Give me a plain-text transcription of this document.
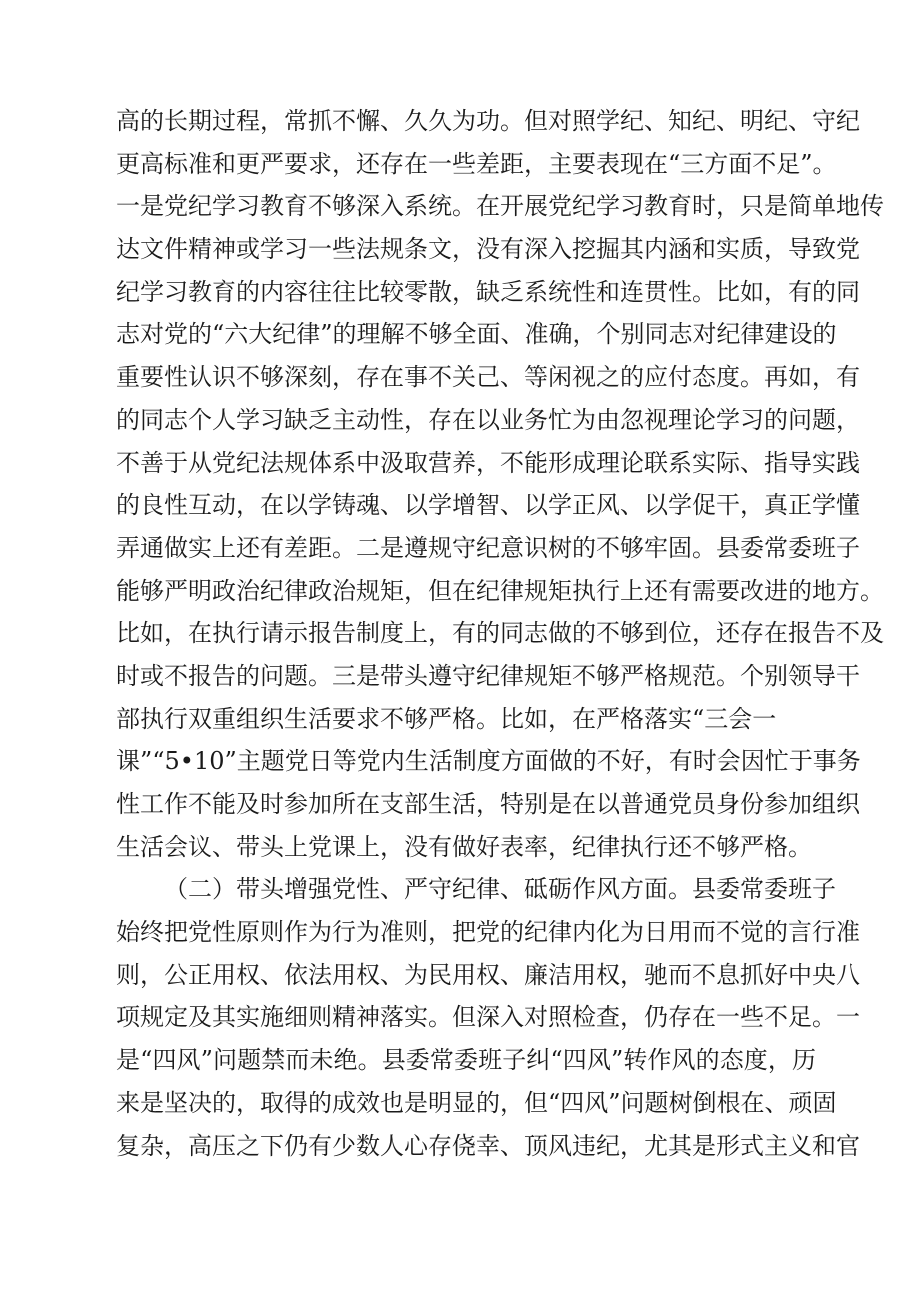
高的长期过程，常抓不懈、久久为功。但对照学纪、知纪、明纪、守纪
更高标准和更严要求，还存在一些差距，主要表现在“三方面不足”。
一是党纪学习教育不够深入系统。在开展党纪学习教育时，只是简单地传
达文件精神或学习一些法规条文，没有深入挖掘其内涵和实质，导致党
纪学习教育的内容往往比较零散，缺乏系统性和连贯性。比如，有的同
志对党的“六大纪律”的理解不够全面、准确，个别同志对纪律建设的
重要性认识不够深刻，存在事不关己、等闲视之的应付态度。再如，有
的同志个人学习缺乏主动性，存在以业务忙为由忽视理论学习的问题，
不善于从党纪法规体系中汲取营养，不能形成理论联系实际、指导实践
的良性互动，在以学铸魂、以学增智、以学正风、以学促干，真正学懂
弄通做实上还有差距。二是遵规守纪意识树的不够牢固。县委常委班子
能够严明政治纪律政治规矩，但在纪律规矩执行上还有需要改进的地方。
比如，在执行请示报告制度上，有的同志做的不够到位，还存在报告不及
时或不报告的问题。三是带头遵守纪律规矩不够严格规范。个别领导干
部执行双重组织生活要求不够严格。比如，在严格落实“三会一
课”“5•10”主题党日等党内生活制度方面做的不好，有时会因忙于事务
性工作不能及时参加所在支部生活，特别是在以普通党员身份参加组织
生活会议、带头上党课上，没有做好表率，纪律执行还不够严格。
（二）带头增强党性、严守纪律、砥砺作风方面。县委常委班子
始终把党性原则作为行为准则，把党的纪律内化为日用而不觉的言行准
则，公正用权、依法用权、为民用权、廉洁用权，驰而不息抓好中央八
项规定及其实施细则精神落实。但深入对照检查，仍存在一些不足。一
是“四风”问题禁而未绝。县委常委班子纠“四风”转作风的态度，历
来是坚决的，取得的成效也是明显的，但“四风”问题树倒根在、顽固
复杂，高压之下仍有少数人心存侥幸、顶风违纪，尤其是形式主义和官
